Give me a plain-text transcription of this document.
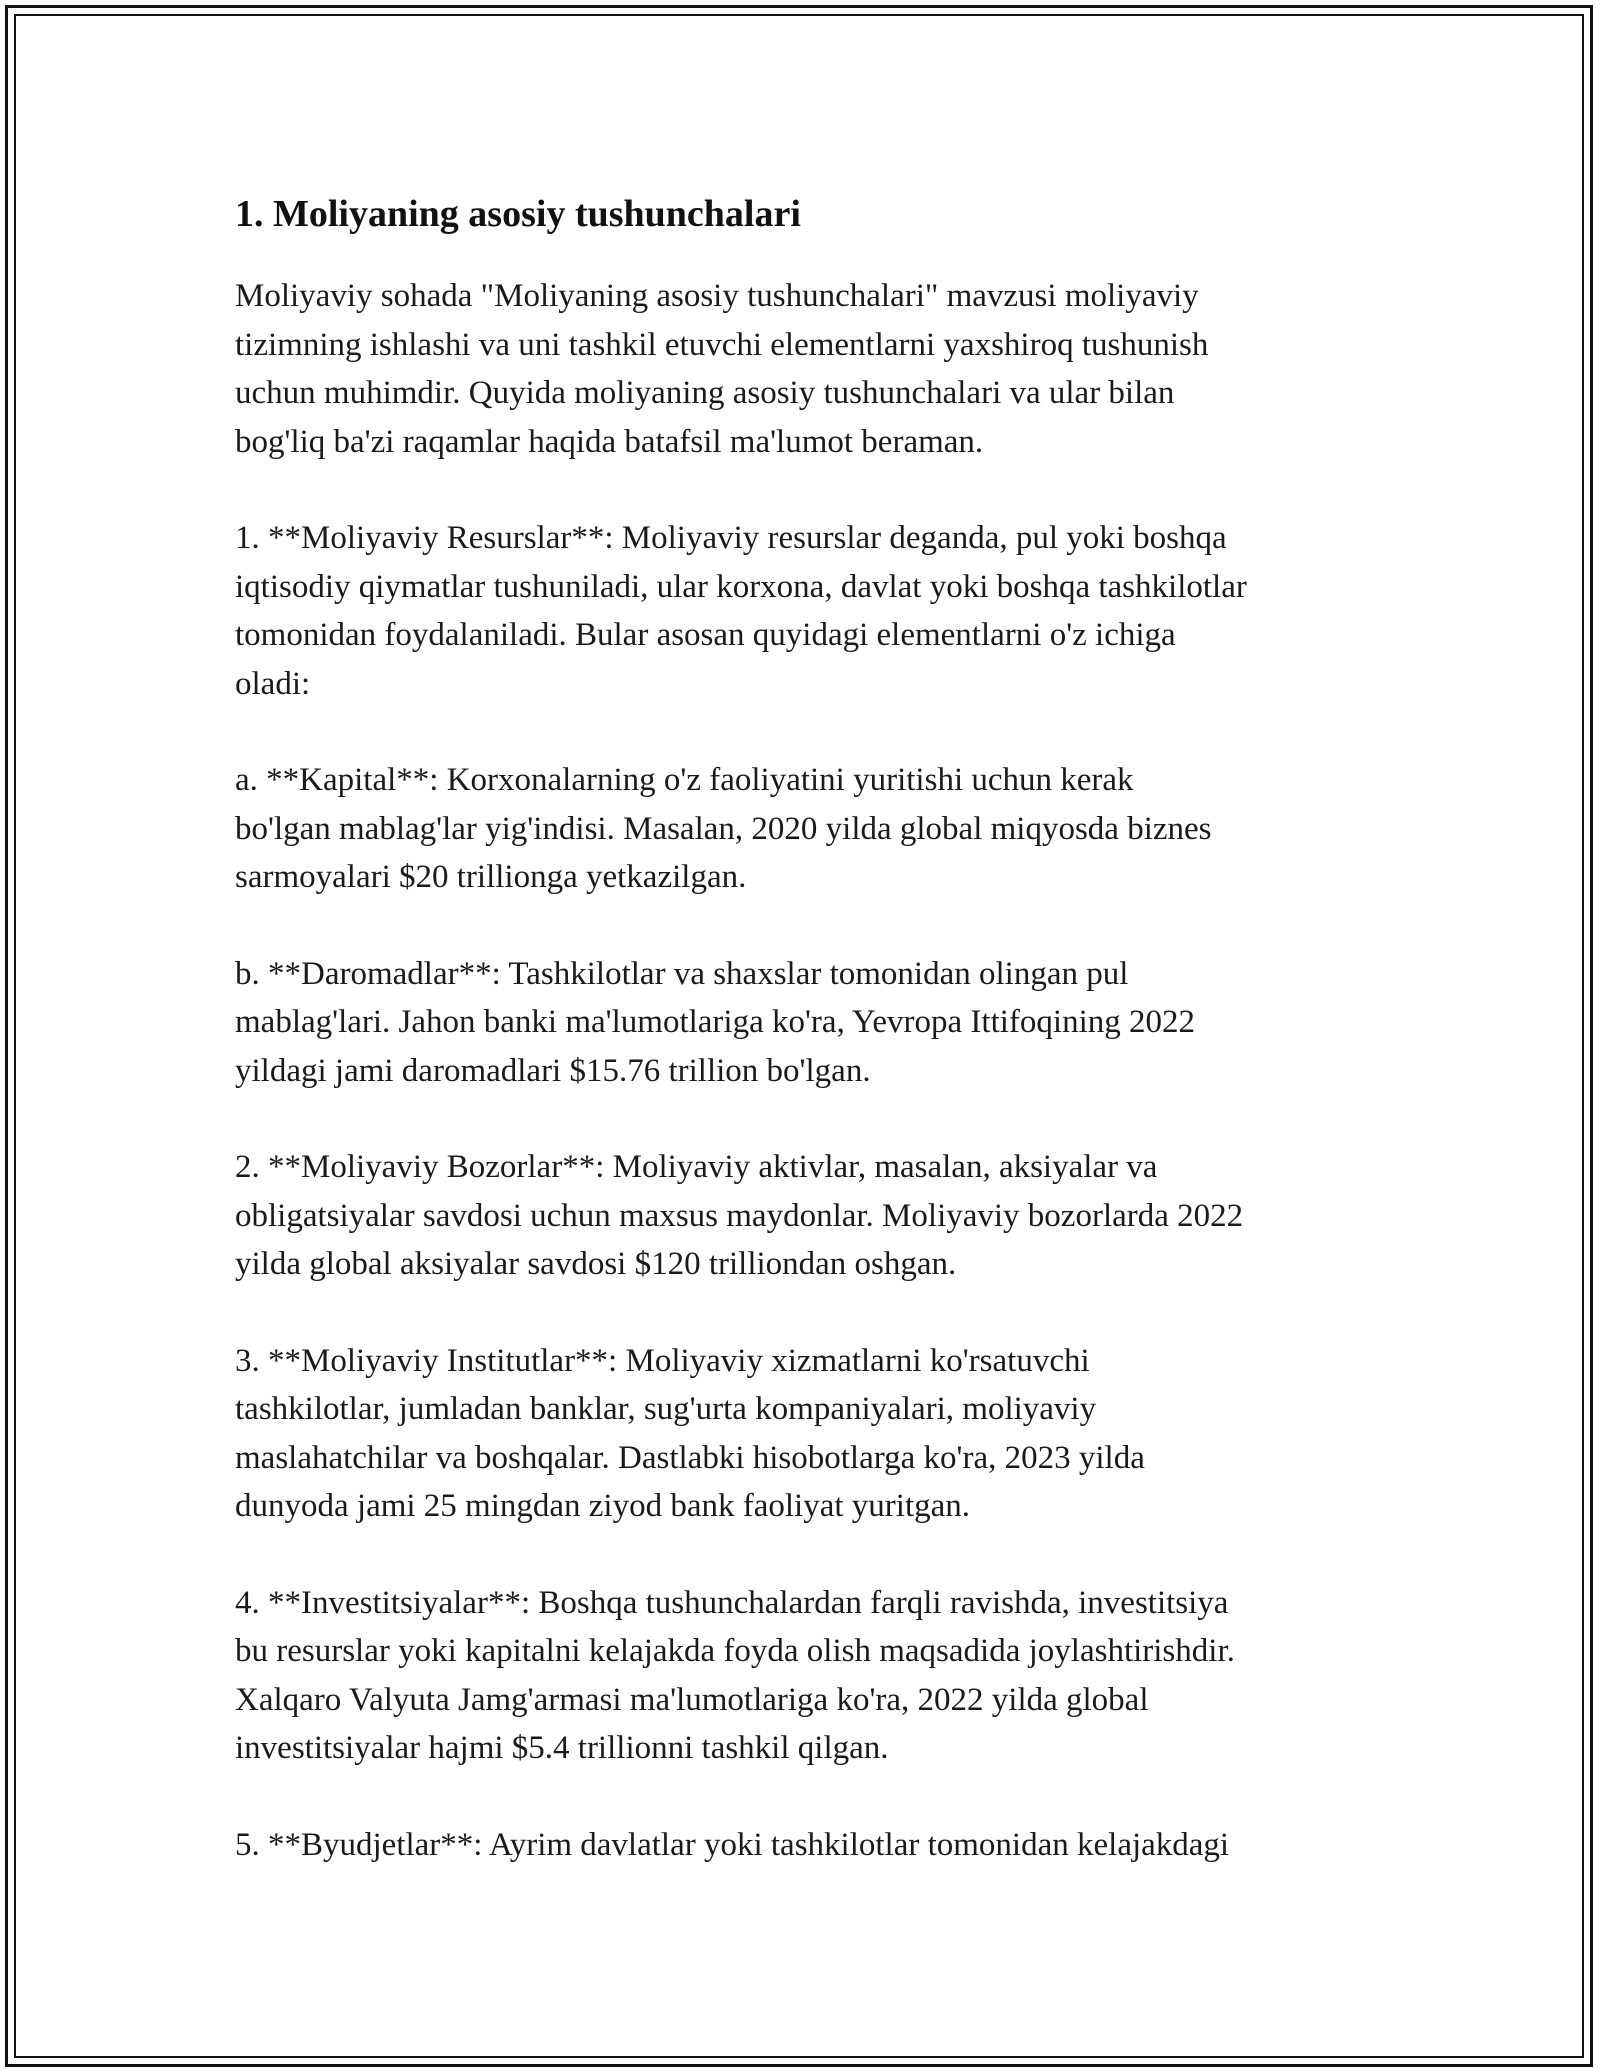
1. Moliyaning asosiy tushunchalari

Moliyaviy sohada "Moliyaning asosiy tushunchalari" mavzusi moliyaviy
tizimning ishlashi va uni tashkil etuvchi elementlarni yaxshiroq tushunish
uchun muhimdir. Quyida moliyaning asosiy tushunchalari va ular bilan
bog'liq ba'zi raqamlar haqida batafsil ma'lumot beraman.

1. **Moliyaviy Resurslar**: Moliyaviy resurslar deganda, pul yoki boshqa
iqtisodiy qiymatlar tushuniladi, ular korxona, davlat yoki boshqa tashkilotlar
tomonidan foydalaniladi. Bular asosan quyidagi elementlarni o'z ichiga
oladi:

a. **Kapital**: Korxonalarning o'z faoliyatini yuritishi uchun kerak
bo'lgan mablag'lar yig'indisi. Masalan, 2020 yilda global miqyosda biznes
sarmoyalari $20 trillionga yetkazilgan.

b. **Daromadlar**: Tashkilotlar va shaxslar tomonidan olingan pul
mablag'lari. Jahon banki ma'lumotlariga ko'ra, Yevropa Ittifoqining 2022
yildagi jami daromadlari $15.76 trillion bo'lgan.

2. **Moliyaviy Bozorlar**: Moliyaviy aktivlar, masalan, aksiyalar va
obligatsiyalar savdosi uchun maxsus maydonlar. Moliyaviy bozorlarda 2022
yilda global aksiyalar savdosi $120 trilliondan oshgan.

3. **Moliyaviy Institutlar**: Moliyaviy xizmatlarni ko'rsatuvchi
tashkilotlar, jumladan banklar, sug'urta kompaniyalari, moliyaviy
maslahatchilar va boshqalar. Dastlabki hisobotlarga ko'ra, 2023 yilda
dunyoda jami 25 mingdan ziyod bank faoliyat yuritgan.

4. **Investitsiyalar**: Boshqa tushunchalardan farqli ravishda, investitsiya
bu resurslar yoki kapitalni kelajakda foyda olish maqsadida joylashtirishdir.
Xalqaro Valyuta Jamg'armasi ma'lumotlariga ko'ra, 2022 yilda global
investitsiyalar hajmi $5.4 trillionni tashkil qilgan.

5. **Byudjetlar**: Ayrim davlatlar yoki tashkilotlar tomonidan kelajakdagi
